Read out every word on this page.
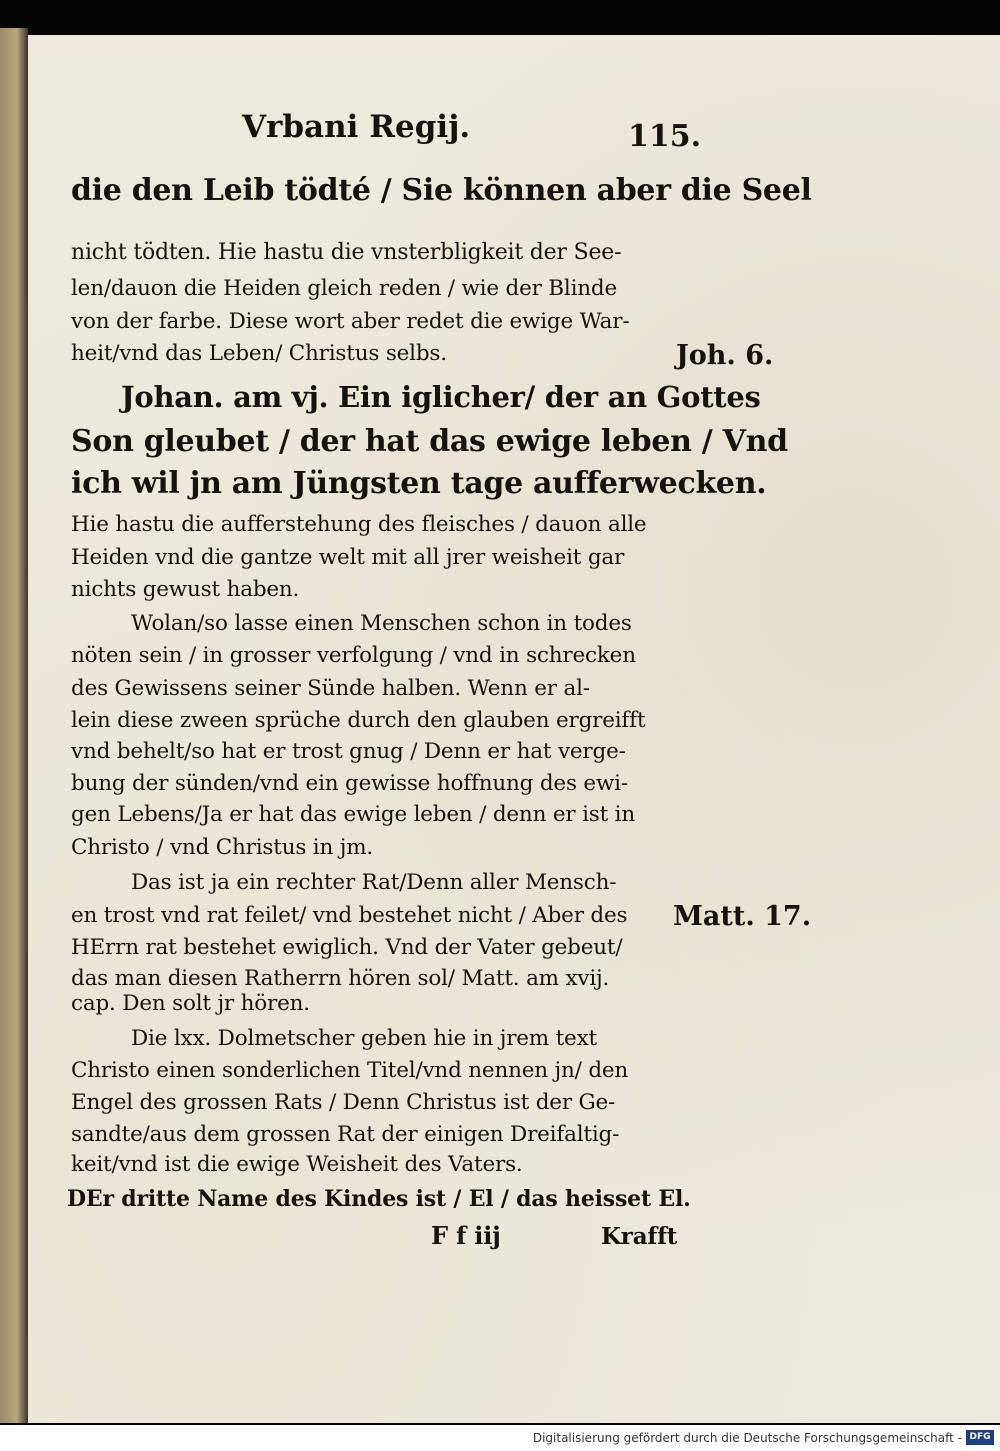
Vrbani Regij.	115.
die den Leib tödté / Sie können aber die Seel
nicht tödten. Hie hastu die vnsterbligkeit der See-
len/dauon die Heiden gleich reden / wie der Blinde
von der farbe. Diese wort aber redet die ewige War-
heit/vnd das Leben/ Christus selbs.
Johan. am vj. Ein iglicher/ der an Gottes
Son gleubet / der hat das ewige leben / Vnd
ich wil jn am Jüngsten tage aufferwecken.
Hie hastu die aufferstehung des fleisches / dauon alle
Heiden vnd die gantze welt mit all jrer weisheit gar
nichts gewust haben.
Wolan/so lasse einen Menschen schon in todes
nöten sein / in grosser verfolgung / vnd in schrecken
des Gewissens seiner Sünde halben. Wenn er al-
lein diese zween sprüche durch den glauben ergreifft
vnd behelt/so hat er trost gnug / Denn er hat verge-
bung der sünden/vnd ein gewisse hoffnung des ewi-
gen Lebens/Ja er hat das ewige leben / denn er ist in
Christo / vnd Christus in jm.
Das ist ja ein rechter Rat/Denn aller Mensch-
en trost vnd rat feilet/ vnd bestehet nicht / Aber des
HErrn rat bestehet ewiglich. Vnd der Vater gebeut/
das man diesen Ratherrn hören sol/ Matt. am xvij.
cap. Den solt jr hören.
Die lxx. Dolmetscher geben hie in jrem text
Christo einen sonderlichen Titel/vnd nennen jn/ den
Engel des grossen Rats / Denn Christus ist der Ge-
sandte/aus dem grossen Rat der einigen Dreifaltig-
keit/vnd ist die ewige Weisheit des Vaters.
DEr dritte Name des Kindes ist / El / das heisset El.
F f iij	Krafft
Joh. 6.
Matt. 17.
Digitalisierung gefördert durch die Deutsche Forschungsgemeinschaft - DFG
